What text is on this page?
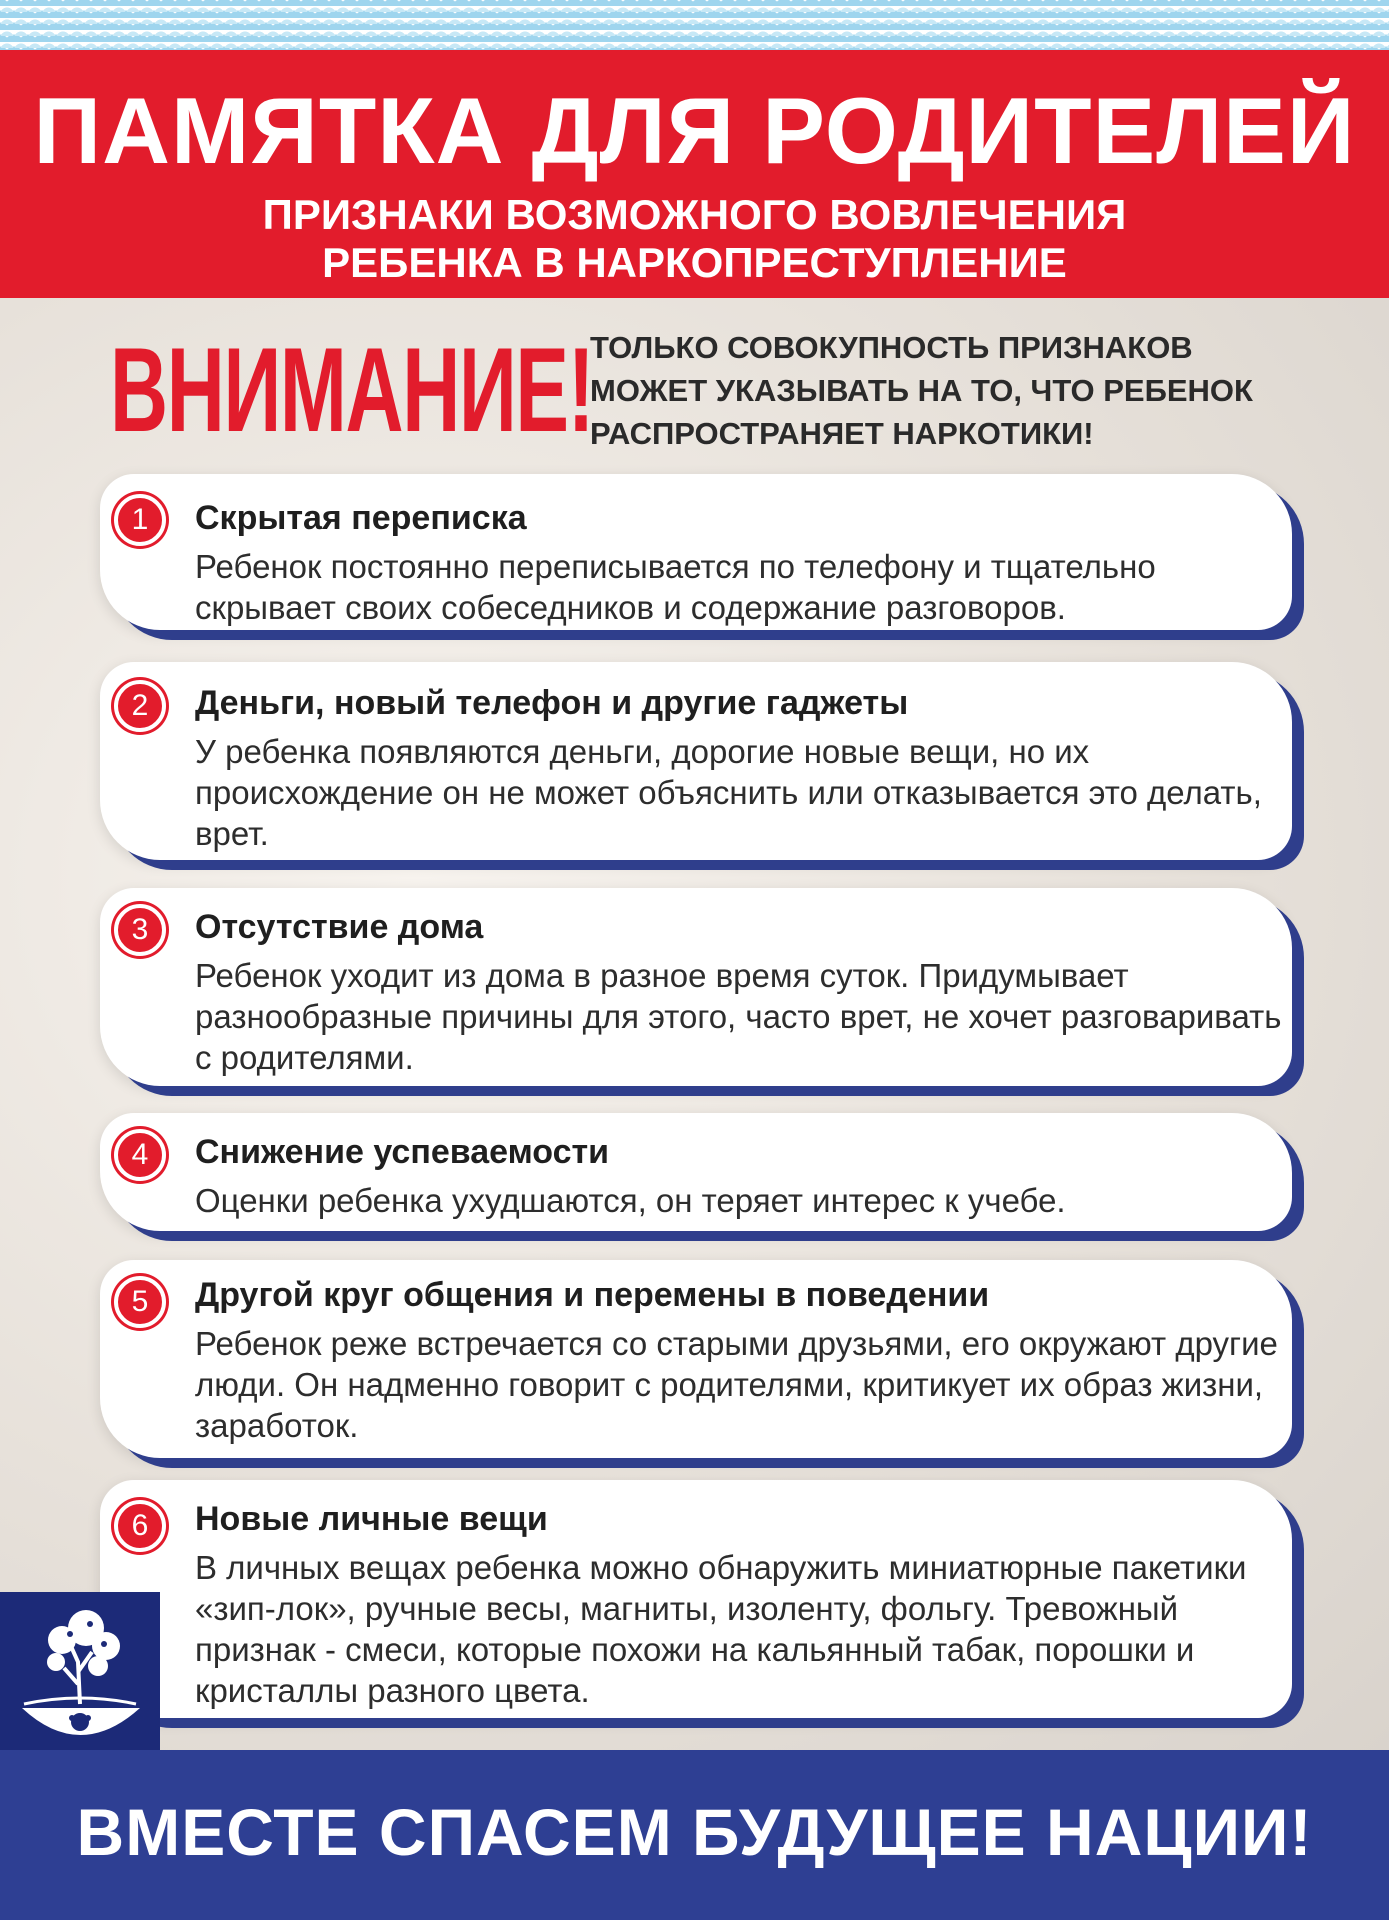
ПАМЯТКА ДЛЯ РОДИТЕЛЕЙ
ПРИЗНАКИ ВОЗМОЖНОГО ВОВЛЕЧЕНИЯ
РЕБЕНКА В НАРКОПРЕСТУПЛЕНИЕ
ВНИМАНИЕ!
ТОЛЬКО СОВОКУПНОСТЬ ПРИЗНАКОВ
МОЖЕТ УКАЗЫВАТЬ НА ТО, ЧТО РЕБЕНОК
РАСПРОСТРАНЯЕТ НАРКОТИКИ!
1	Скрытая переписка
Ребенок постоянно переписывается по телефону и тщательно скрывает своих собеседников и содержание разговоров.
2	Деньги, новый телефон и другие гаджеты
У ребенка появляются деньги, дорогие новые вещи, но их происхождение он не может объяснить или отказывается это делать, врет.
3	Отсутствие дома
Ребенок уходит из дома в разное время суток. Придумывает разнообразные причины для этого, часто врет, не хочет разговаривать с родителями.
4	Снижение успеваемости
Оценки ребенка ухудшаются, он теряет интерес к учебе.
5	Другой круг общения и перемены в поведении
Ребенок реже встречается со старыми друзьями, его окружают другие люди. Он надменно говорит с родителями, критикует их образ жизни, заработок.
6	Новые личные вещи
В личных вещах ребенка можно обнаружить миниатюрные пакетики «зип-лок», ручные весы, магниты, изоленту, фольгу. Тревожный признак - смеси, которые похожи на кальянный табак, порошки и кристаллы разного цвета.
ВМЕСТЕ СПАСЕМ БУДУЩЕЕ НАЦИИ!
